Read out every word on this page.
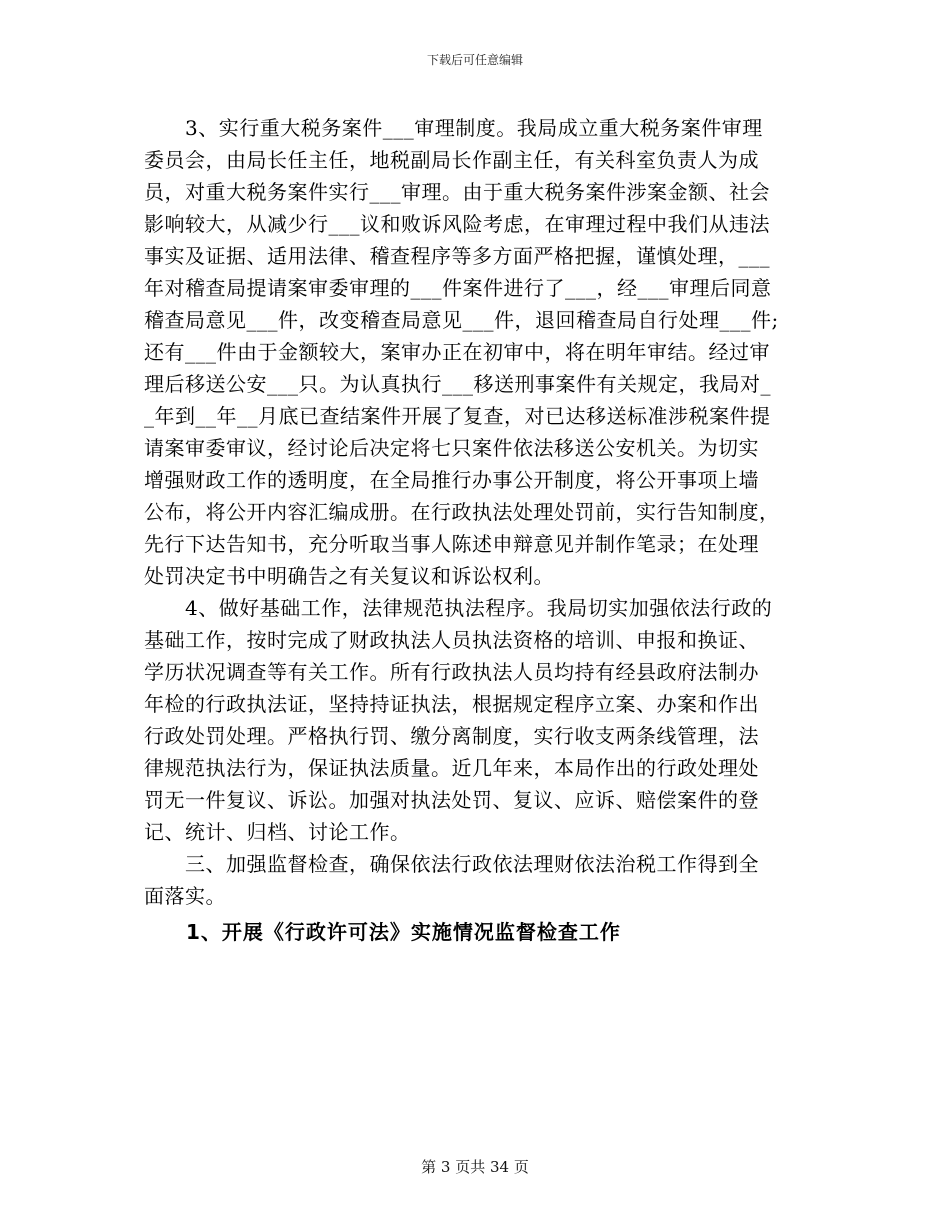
下载后可任意编辑
　　3、实行重大税务案件___审理制度。我局成立重大税务案件审理
委员会，由局长任主任，地税副局长作副主任，有关科室负责人为成
员，对重大税务案件实行___审理。由于重大税务案件涉案金额、社会
影响较大，从减少行___议和败诉风险考虑，在审理过程中我们从违法
事实及证据、适用法律、稽查程序等多方面严格把握，谨慎处理，___
年对稽查局提请案审委审理的___件案件进行了___，经___审理后同意
稽查局意见___件，改变稽查局意见___件，退回稽查局自行处理___件;
还有___件由于金额较大，案审办正在初审中，将在明年审结。经过审
理后移送公安___只。为认真执行___移送刑事案件有关规定，我局对_
_年到__年__月底已查结案件开展了复查，对已达移送标准涉税案件提
请案审委审议，经讨论后决定将七只案件依法移送公安机关。为切实
增强财政工作的透明度，在全局推行办事公开制度，将公开事项上墙
公布，将公开内容汇编成册。在行政执法处理处罚前，实行告知制度，
先行下达告知书，充分听取当事人陈述申辩意见并制作笔录；在处理
处罚决定书中明确告之有关复议和诉讼权利。
　　4、做好基础工作，法律规范执法程序。我局切实加强依法行政的
基础工作，按时完成了财政执法人员执法资格的培训、申报和换证、
学历状况调查等有关工作。所有行政执法人员均持有经县政府法制办
年检的行政执法证，坚持持证执法，根据规定程序立案、办案和作出
行政处罚处理。严格执行罚、缴分离制度，实行收支两条线管理，法
律规范执法行为，保证执法质量。近几年来，本局作出的行政处理处
罚无一件复议、诉讼。加强对执法处罚、复议、应诉、赔偿案件的登
记、统计、归档、讨论工作。
　　三、加强监督检查，确保依法行政依法理财依法治税工作得到全
面落实。
　　1、开展《行政许可法》实施情况监督检查工作
第 3 页共 34 页
